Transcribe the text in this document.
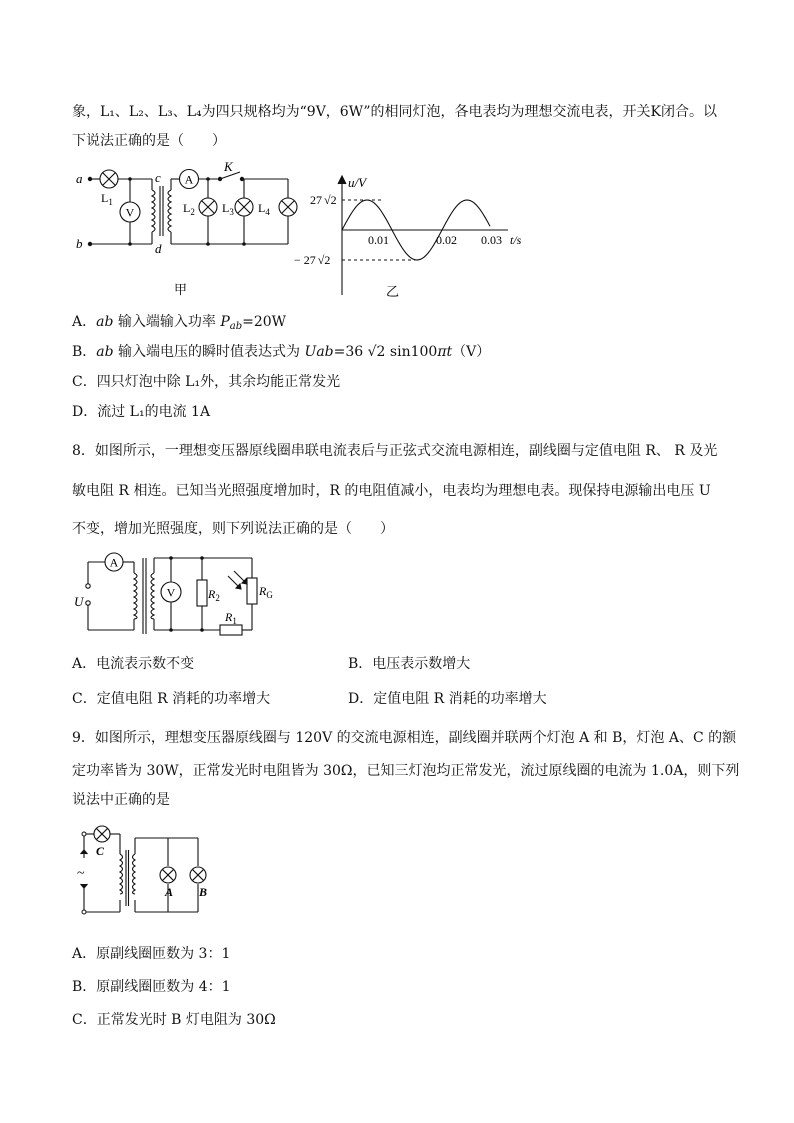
象，L₁、L₂、L₃、L₄为四只规格均为“9V，6W”的相同灯泡，各电表均为理想交流电表，开关K闭合。以
下说法正确的是（　　）
V
A
a
b
c
d
K
$L_1$	$L_2$ $L_3$ $L_4$
甲
u/V
27 √2
− 27 √2
0.01	0.02 0.03 t/s
乙
A．ab 输入端输入功率 $P_{ab}=20W$
B．ab 输入端电压的瞬时值表达式为 Uab=36 √2 sin100πt（V）
C．四只灯泡中除 L₁外，其余均能正常发光
D．流过 L₁的电流 1A
8．如图所示，一理想变压器原线圈串联电流表后与正弦式交流电源相连，副线圈与定值电阻 R、 R 及光
敏电阻 R 相连。已知当光照强度增加时，R 的电阻值减小，电表均为理想电表。现保持电源输出电压 U
不变，增加光照强度，则下列说法正确的是（　　）
A
V
U	$R_2$	$R_G$
$R_1$
A．电流表示数不变	B．电压表示数增大
C．定值电阻 R 消耗的功率增大	D．定值电阻 R 消耗的功率增大
9．如图所示，理想变压器原线圈与 120V 的交流电源相连，副线圈并联两个灯泡 A 和 B，灯泡 A、C 的额
定功率皆为 30W，正常发光时电阻皆为 30Ω，已知三灯泡均正常发光，流过原线圈的电流为 1.0A，则下列
说法中正确的是
C
A B
~
A．原副线圈匝数为 3：1
B．原副线圈匝数为 4：1
C．正常发光时 B 灯电阻为 30Ω
